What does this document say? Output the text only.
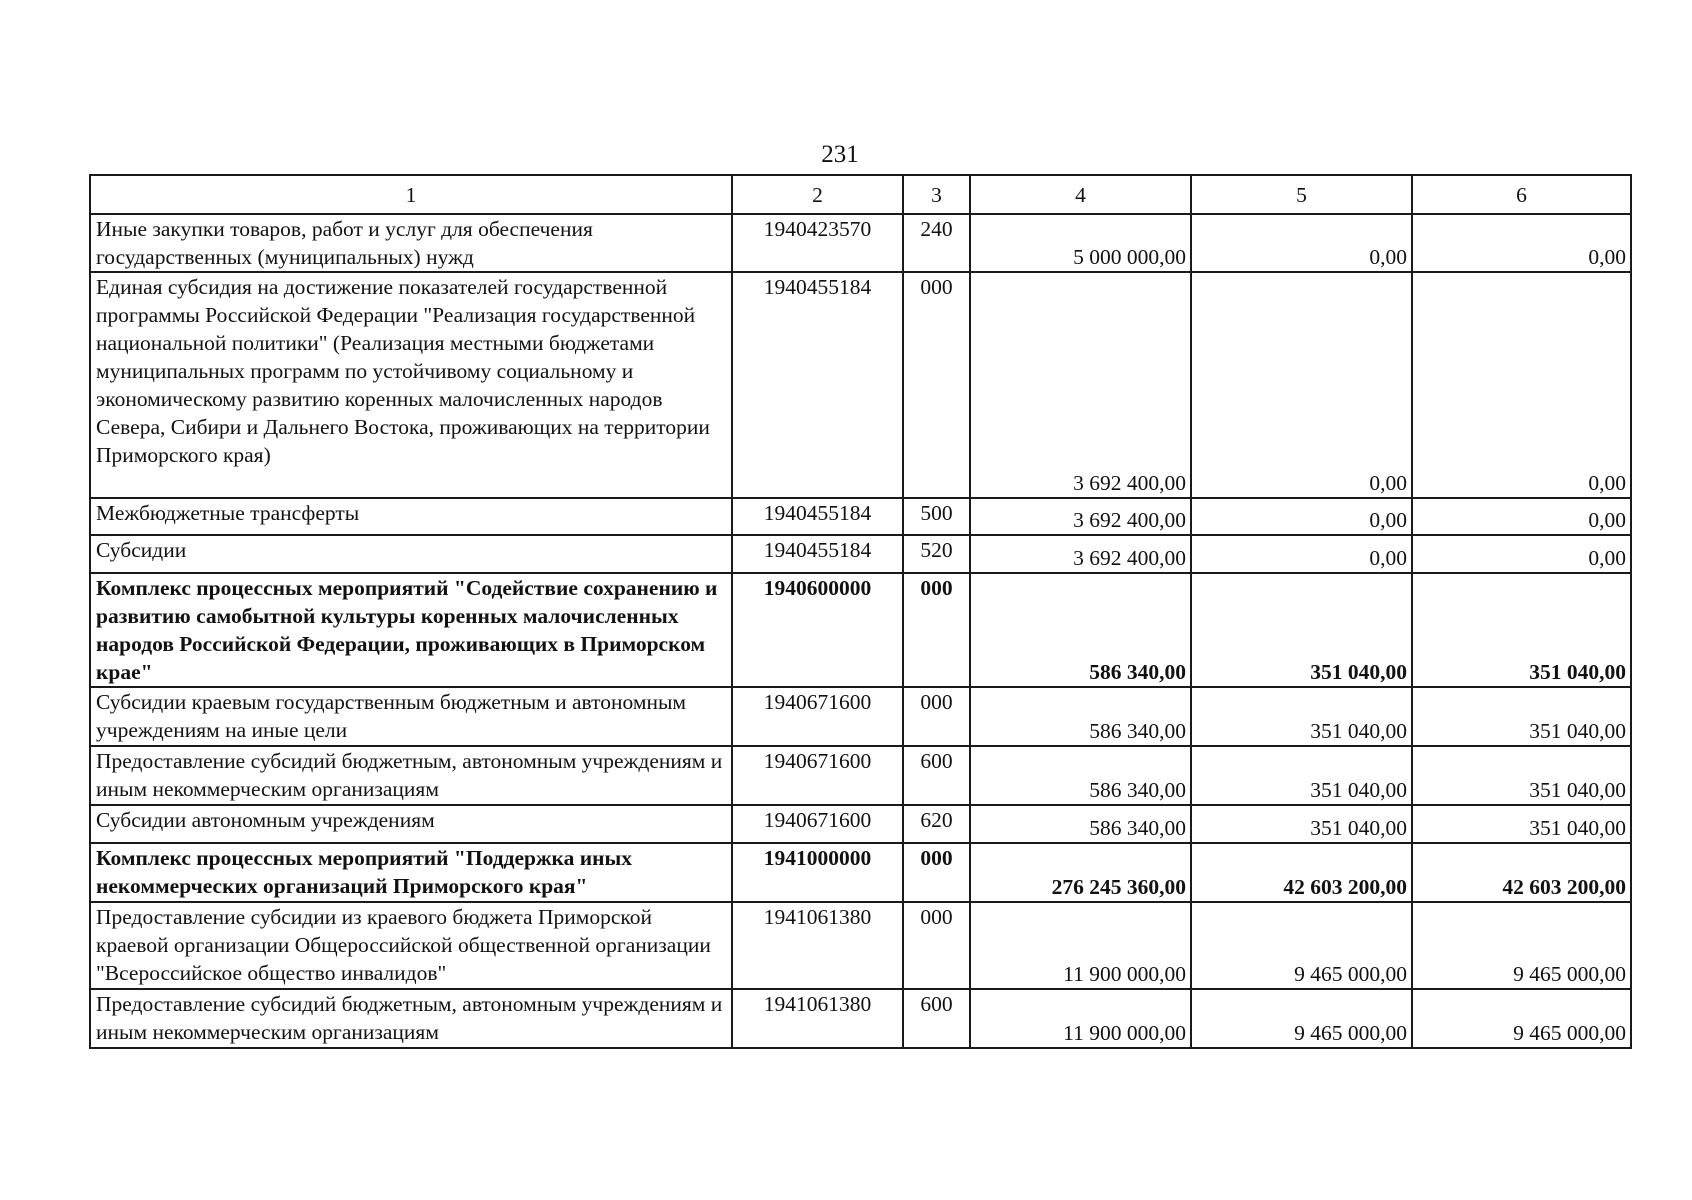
231
1	2	3	4	5	6
Иные закупки товаров, работ и услуг для обеспечения государственных (муниципальных) нужд	1940423570	240	5 000 000,00	0,00	0,00
Единая субсидия на достижение показателей государственной программы Российской Федерации "Реализация государственной национальной политики" (Реализация местными бюджетами муниципальных программ по устойчивому социальному и экономическому развитию коренных малочисленных народов Севера, Сибири и Дальнего Востока, проживающих на территории Приморского края)	1940455184	000	3 692 400,00	0,00	0,00
Межбюджетные трансферты	1940455184	500	3 692 400,00	0,00	0,00
Субсидии	1940455184	520	3 692 400,00	0,00	0,00
Комплекс процессных мероприятий "Содействие сохранению и развитию самобытной культуры коренных малочисленных народов Российской Федерации, проживающих в Приморском крае"	1940600000	000	586 340,00	351 040,00	351 040,00
Субсидии краевым государственным бюджетным и автономным учреждениям на иные цели	1940671600	000	586 340,00	351 040,00	351 040,00
Предоставление субсидий бюджетным, автономным учреждениям и иным некоммерческим организациям	1940671600	600	586 340,00	351 040,00	351 040,00
Субсидии автономным учреждениям	1940671600	620	586 340,00	351 040,00	351 040,00
Комплекс процессных мероприятий "Поддержка иных некоммерческих организаций Приморского края"	1941000000	000	276 245 360,00	42 603 200,00	42 603 200,00
Предоставление субсидии из краевого бюджета Приморской краевой организации Общероссийской общественной организации "Всероссийское общество инвалидов"	1941061380	000	11 900 000,00	9 465 000,00	9 465 000,00
Предоставление субсидий бюджетным, автономным учреждениям и иным некоммерческим организациям	1941061380	600	11 900 000,00	9 465 000,00	9 465 000,00
